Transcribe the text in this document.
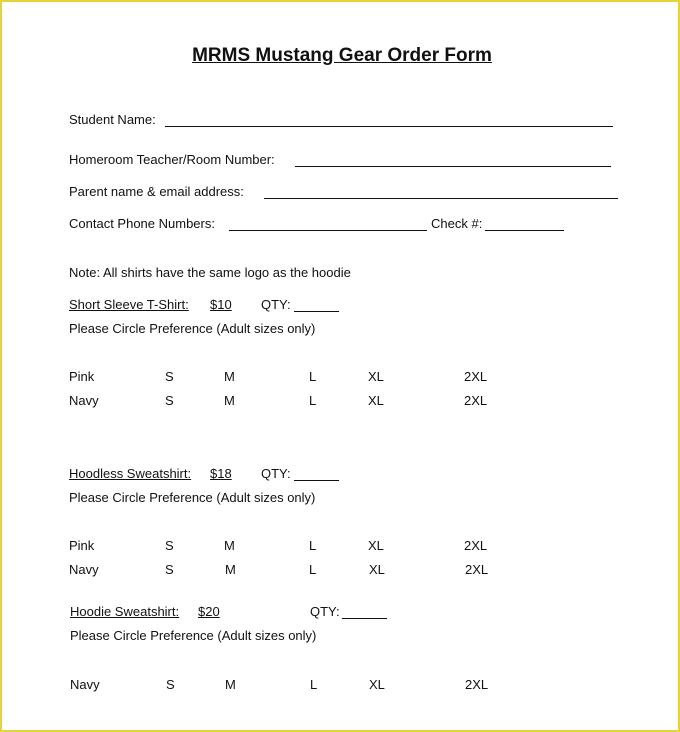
MRMS Mustang Gear Order Form
Student Name:
Homeroom Teacher/Room Number:
Parent name & email address:
Contact Phone Numbers:	Check #:
Note: All shirts have the same logo as the hoodie
Short Sleeve T-Shirt: $10 QTY:
Please Circle Preference (Adult sizes only)
Pink	S	M	L	XL	2XL
Navy	S	M	L	XL	2XL
Hoodless Sweatshirt: $18 QTY:
Please Circle Preference (Adult sizes only)
Pink	S	M	L	XL	2XL
Navy	S	M	L	XL	2XL
Hoodie Sweatshirt: $20	QTY:
Please Circle Preference (Adult sizes only)
Navy	S	M	L	XL	2XL
